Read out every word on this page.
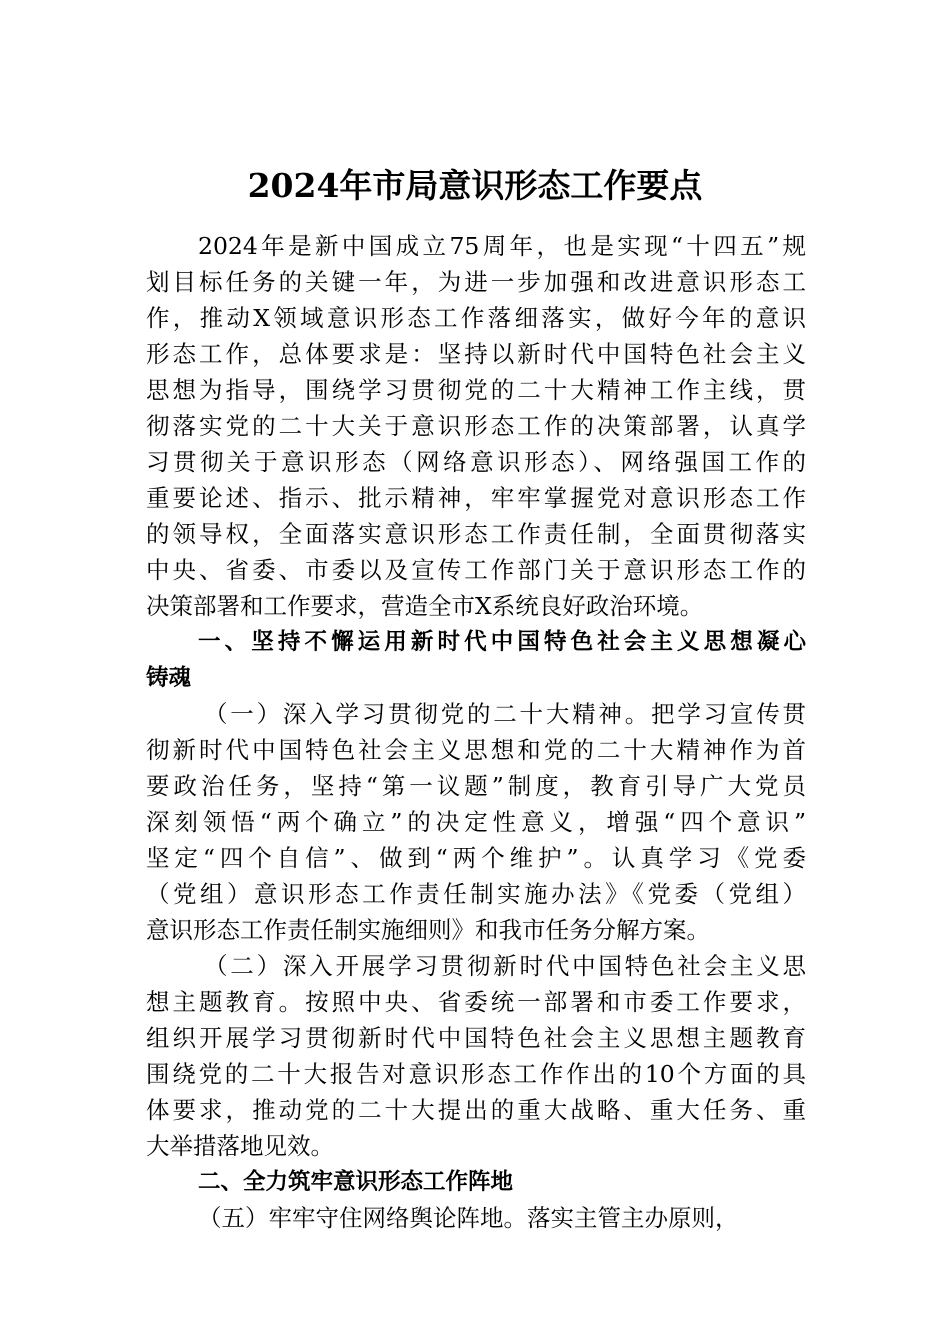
2024年市局意识形态工作要点
2024年是新中国成立75周年，也是实现“十四五”规
划目标任务的关键一年，为进一步加强和改进意识形态工
作，推动X领域意识形态工作落细落实，做好今年的意识
形态工作，总体要求是：坚持以新时代中国特色社会主义
思想为指导，围绕学习贯彻党的二十大精神工作主线，贯
彻落实党的二十大关于意识形态工作的决策部署，认真学
习贯彻关于意识形态（网络意识形态）、网络强国工作的
重要论述、指示、批示精神，牢牢掌握党对意识形态工作
的领导权，全面落实意识形态工作责任制，全面贯彻落实
中央、省委、市委以及宣传工作部门关于意识形态工作的
决策部署和工作要求，营造全市X系统良好政治环境。
一、坚持不懈运用新时代中国特色社会主义思想凝心
铸魂
（一）深入学习贯彻党的二十大精神。把学习宣传贯
彻新时代中国特色社会主义思想和党的二十大精神作为首
要政治任务，坚持“第一议题”制度，教育引导广大党员
深刻领悟“两个确立”的决定性意义，增强“四个意识”
坚定“四个自信”、做到“两个维护”。认真学习《党委
（党组）意识形态工作责任制实施办法》《党委（党组）
意识形态工作责任制实施细则》和我市任务分解方案。
（二）深入开展学习贯彻新时代中国特色社会主义思
想主题教育。按照中央、省委统一部署和市委工作要求，
组织开展学习贯彻新时代中国特色社会主义思想主题教育
围绕党的二十大报告对意识形态工作作出的10个方面的具
体要求，推动党的二十大提出的重大战略、重大任务、重
大举措落地见效。
二、全力筑牢意识形态工作阵地
（五）牢牢守住网络舆论阵地。落实主管主办原则，
